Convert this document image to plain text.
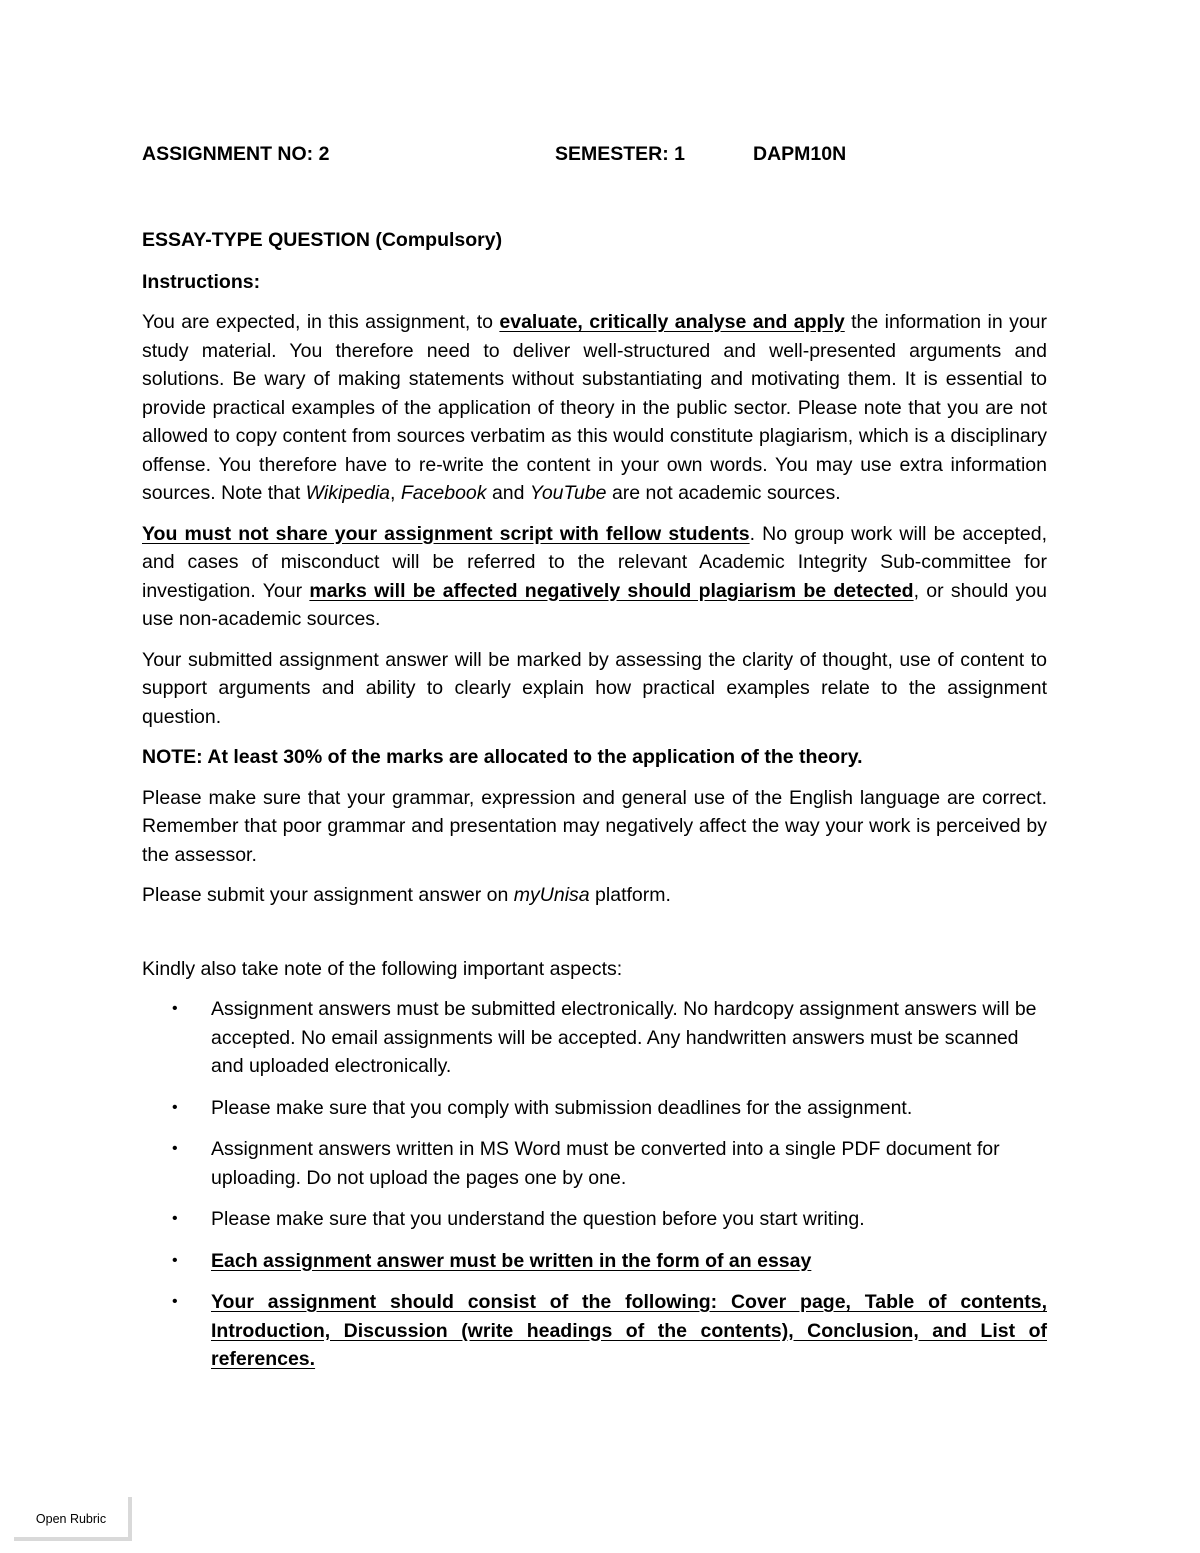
ASSIGNMENT NO: 2	SEMESTER: 1	DAPM10N
ESSAY-TYPE QUESTION (Compulsory)
Instructions:

You are expected, in this assignment, to evaluate, critically analyse and apply the information in your study material. You therefore need to deliver well-structured and well-presented arguments and solutions. Be wary of making statements without substantiating and motivating them. It is essential to provide practical examples of the application of theory in the public sector. Please note that you are not allowed to copy content from sources verbatim as this would constitute plagiarism, which is a disciplinary offense. You therefore have to re-write the content in your own words. You may use extra information sources. Note that Wikipedia, Facebook and YouTube are not academic sources.

You must not share your assignment script with fellow students. No group work will be accepted, and cases of misconduct will be referred to the relevant Academic Integrity Sub-committee for investigation. Your marks will be affected negatively should plagiarism be detected, or should you use non-academic sources.

Your submitted assignment answer will be marked by assessing the clarity of thought, use of content to support arguments and ability to clearly explain how practical examples relate to the assignment question.

NOTE: At least 30% of the marks are allocated to the application of the theory.

Please make sure that your grammar, expression and general use of the English language are correct. Remember that poor grammar and presentation may negatively affect the way your work is perceived by the assessor.

Please submit your assignment answer on myUnisa platform.

Kindly also take note of the following important aspects:
• Assignment answers must be submitted electronically. No hardcopy assignment answers will be accepted. No email assignments will be accepted. Any handwritten answers must be scanned and uploaded electronically.
• Please make sure that you comply with submission deadlines for the assignment.
• Assignment answers written in MS Word must be converted into a single PDF document for uploading. Do not upload the pages one by one.
• Please make sure that you understand the question before you start writing.
• Each assignment answer must be written in the form of an essay
• Your assignment should consist of the following: Cover page, Table of contents, Introduction, Discussion (write headings of the contents), Conclusion, and List of references.
Open Rubric
